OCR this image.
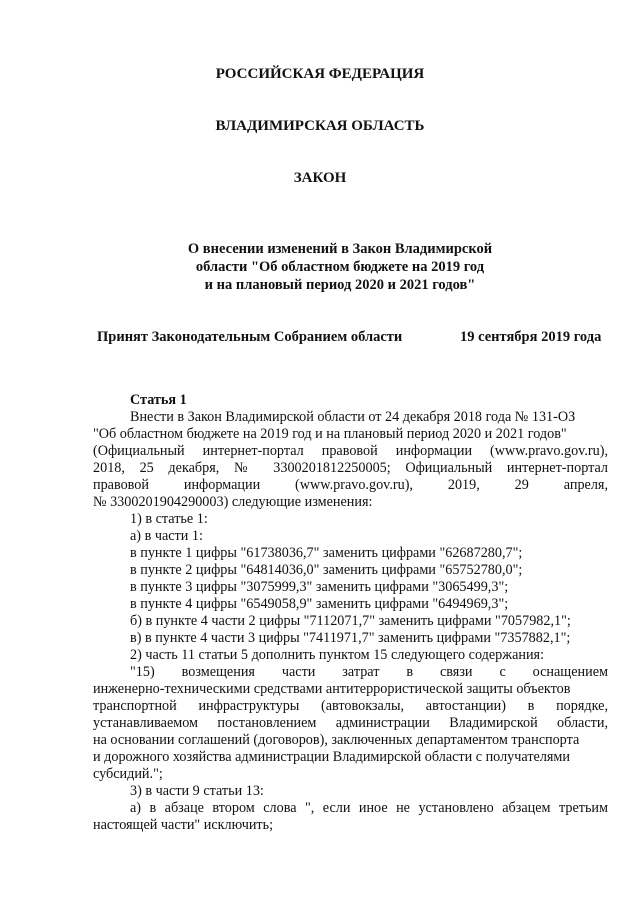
РОССИЙСКАЯ ФЕДЕРАЦИЯ
ВЛАДИМИРСКАЯ ОБЛАСТЬ
ЗАКОН
О внесении изменений в Закон Владимирской
области "Об областном бюджете на 2019 год
и на плановый период 2020 и 2021 годов"
Принят Законодательным Собранием области	19 сентября 2019 года
Статья 1
Внести в Закон Владимирской области от 24 декабря 2018 года № 131-ОЗ
"Об областном бюджете на 2019 год и на плановый период 2020 и 2021 годов"
(Официальный интернет-портал правовой информации (www.pravo.gov.ru),
2018, 25 декабря, № 3300201812250005; Официальный интернет-портал
правовой информации (www.pravo.gov.ru), 2019, 29 апреля,
№ 3300201904290003) следующие изменения:
1) в статье 1:
а) в части 1:
в пункте 1 цифры "61738036,7" заменить цифрами "62687280,7";
в пункте 2 цифры "64814036,0" заменить цифрами "65752780,0";
в пункте 3 цифры "3075999,3" заменить цифрами "3065499,3";
в пункте 4 цифры "6549058,9" заменить цифрами "6494969,3";
б) в пункте 4 части 2 цифры "7112071,7" заменить цифрами "7057982,1";
в) в пункте 4 части 3 цифры "7411971,7" заменить цифрами "7357882,1";
2) часть 11 статьи 5 дополнить пунктом 15 следующего содержания:
"15) возмещения части затрат в связи с оснащением
инженерно-техническими средствами антитеррористической защиты объектов
транспортной инфраструктуры (автовокзалы, автостанции) в порядке,
устанавливаемом постановлением администрации Владимирской области,
на основании соглашений (договоров), заключенных департаментом транспорта
и дорожного хозяйства администрации Владимирской области с получателями
субсидий.";
3) в части 9 статьи 13:
а) в абзаце втором слова ", если иное не установлено абзацем третьим
настоящей части" исключить;
